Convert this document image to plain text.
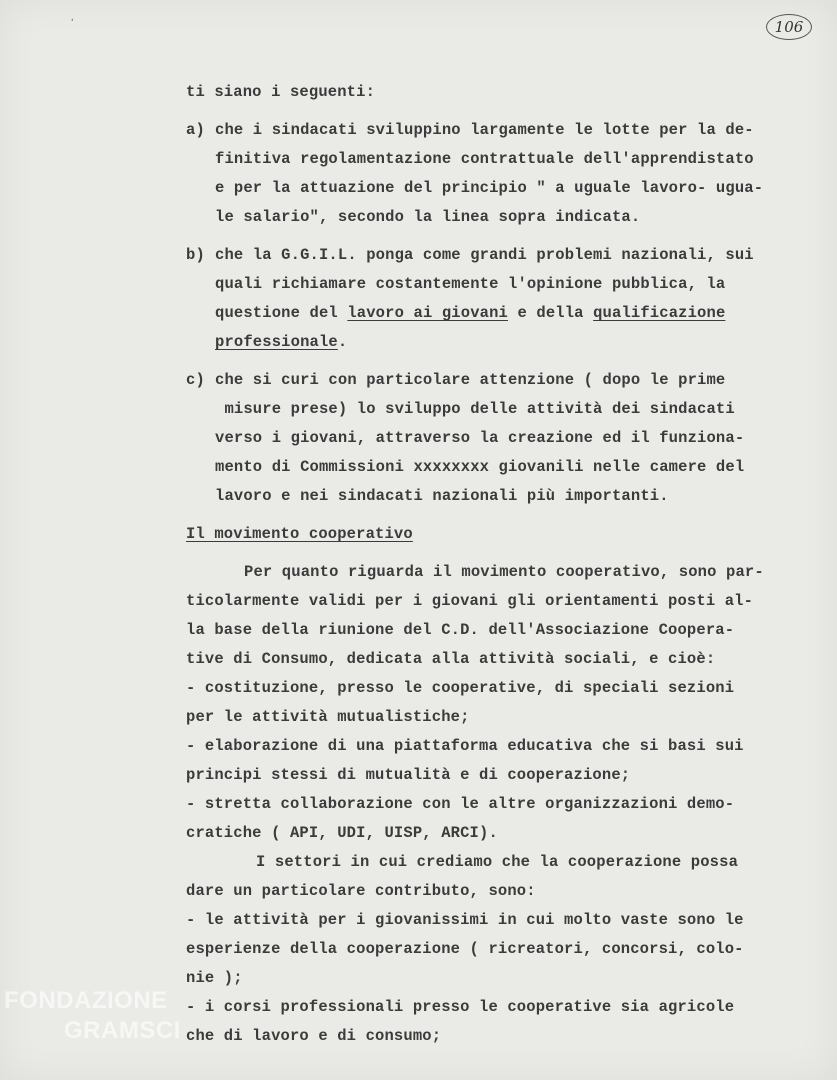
ˈ	106
ti siano i seguenti:
a) che i sindacati sviluppino largamente le lotte per la de-
finitiva regolamentazione contrattuale dell'apprendistato
e per la attuazione del principio " a uguale lavoro- ugua-
le salario", secondo la linea sopra indicata.
b) che la G.G.I.L. ponga come grandi problemi nazionali, sui
quali richiamare costantemente l'opinione pubblica, la
questione del lavoro ai giovani e della qualificazione
professionale.
c) che si curi con particolare attenzione ( dopo le prime
misure prese) lo sviluppo delle attività dei sindacati
verso i giovani, attraverso la creazione ed il funziona-
mento di Commissioni xxxxxxxx giovanili nelle camere del
lavoro e nei sindacati nazionali più importanti.
Il movimento cooperativo
Per quanto riguarda il movimento cooperativo, sono par-
ticolarmente validi per i giovani gli orientamenti posti al-
la base della riunione del C.D. dell'Associazione Coopera-
tive di Consumo, dedicata alla attività sociali, e cioè:
- costituzione, presso le cooperative, di speciali sezioni
per le attività mutualistiche;
- elaborazione di una piattaforma educativa che si basi sui
principi stessi di mutualità e di cooperazione;
- stretta collaborazione con le altre organizzazioni demo-
cratiche ( API, UDI, UISP, ARCI).
I settori in cui crediamo che la cooperazione possa
dare un particolare contributo, sono:
- le attività per i giovanissimi in cui molto vaste sono le
esperienze della cooperazione ( ricreatori, concorsi, colo-
nie );
- i corsi professionali presso le cooperative sia agricole
che di lavoro e di consumo;
FONDAZIONE
GRAMSCI
